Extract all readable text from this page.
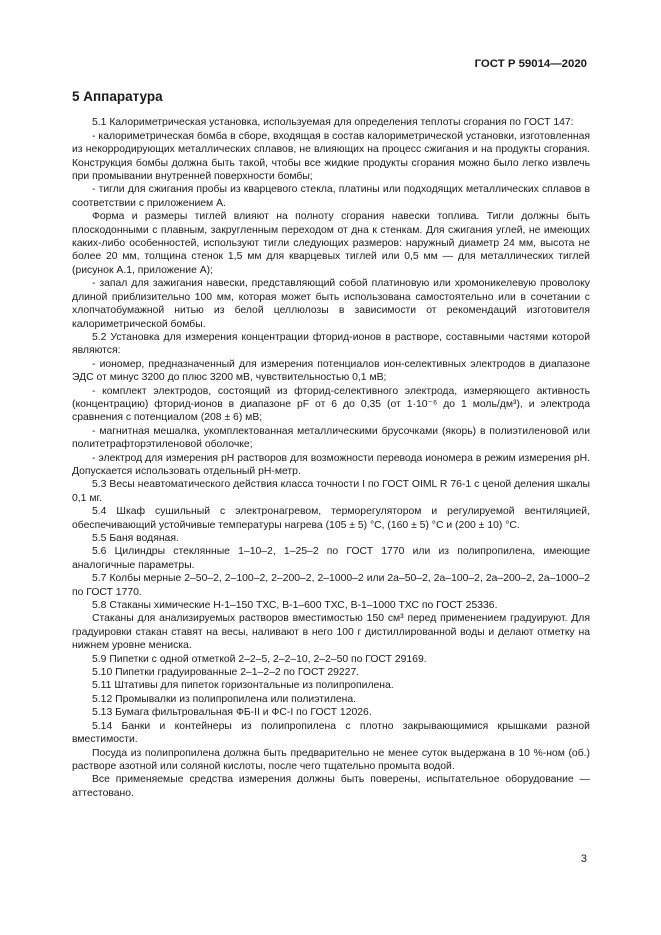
ГОСТ Р 59014—2020
5 Аппаратура

5.1 Калориметрическая установка, используемая для определения теплоты сгорания по ГОСТ 147:

- калориметрическая бомба в сборе, входящая в состав калориметрической установки, изготовленная из некорродирующих металлических сплавов, не влияющих на процесс сжигания и на продукты сгорания. Конструкция бомбы должна быть такой, чтобы все жидкие продукты сгорания можно было легко извлечь при промывании внутренней поверхности бомбы;

- тигли для сжигания пробы из кварцевого стекла, платины или подходящих металлических сплавов в соответствии с приложением А.

Форма и размеры тиглей влияют на полноту сгорания навески топлива. Тигли должны быть плоскодонными с плавным, закругленным переходом от дна к стенкам. Для сжигания углей, не имеющих каких-либо особенностей, используют тигли следующих размеров: наружный диаметр 24 мм, высота не более 20 мм, толщина стенок 1,5 мм для кварцевых тиглей или 0,5 мм — для металлических тиглей (рисунок А.1, приложение А);

- запал для зажигания навески, представляющий собой платиновую или хромоникелевую проволоку длиной приблизительно 100 мм, которая может быть использована самостоятельно или в сочетании с хлопчатобумажной нитью из белой целлюлозы в зависимости от рекомендаций изготовителя калориметрической бомбы.

5.2 Установка для измерения концентрации фторид-ионов в растворе, составными частями которой являются:

- иономер, предназначенный для измерения потенциалов ион-селективных электродов в диапазоне ЭДС от минус 3200 до плюс 3200 мВ, чувствительностью 0,1 мВ;

- комплект электродов, состоящий из фторид-селективного электрода, измеряющего активность (концентрацию) фторид-ионов в диапазоне pF от 6 до 0,35 (от 1·10⁻⁶ до 1 моль/дм³), и электрода сравнения с потенциалом (208 ± 6) мВ;

- магнитная мешалка, укомплектованная металлическими брусочками (якорь) в полиэтиленовой или политетрафторэтиленовой оболочке;

- электрод для измерения pH растворов для возможности перевода иономера в режим измерения pH. Допускается использовать отдельный pH-метр.

5.3 Весы неавтоматического действия класса точности I по ГОСТ OIML R 76-1 с ценой деления шкалы 0,1 мг.

5.4 Шкаф сушильный с электронагревом, терморегулятором и регулируемой вентиляцией, обеспечивающий устойчивые температуры нагрева (105 ± 5) °С, (160 ± 5) °С и (200 ± 10) °С.

5.5 Баня водяная.

5.6 Цилиндры стеклянные 1–10–2, 1–25–2 по ГОСТ 1770 или из полипропилена, имеющие аналогичные параметры.

5.7 Колбы мерные 2–50–2, 2–100–2, 2–200–2, 2–1000–2 или 2а–50–2, 2а–100–2, 2а–200–2, 2а–1000–2 по ГОСТ 1770.

5.8 Стаканы химические Н-1–150 ТХС, В-1–600 ТХС, В-1–1000 ТХС по ГОСТ 25336.

Стаканы для анализируемых растворов вместимостью 150 см³ перед применением градуируют. Для градуировки стакан ставят на весы, наливают в него 100 г дистиллированной воды и делают отметку на нижнем уровне мениска.

5.9 Пипетки с одной отметкой 2–2–5, 2–2–10, 2–2–50 по ГОСТ 29169.

5.10 Пипетки градуированные 2–1–2–2 по ГОСТ 29227.

5.11 Штативы для пипеток горизонтальные из полипропилена.

5.12 Промывалки из полипропилена или полиэтилена.

5.13 Бумага фильтровальная ФБ-II и ФС-I по ГОСТ 12026.

5.14 Банки и контейнеры из полипропилена с плотно закрывающимися крышками разной вместимости.

Посуда из полипропилена должна быть предварительно не менее суток выдержана в 10 %-ном (об.) растворе азотной или соляной кислоты, после чего тщательно промыта водой.

Все применяемые средства измерения должны быть поверены, испытательное оборудование — аттестовано.

3
